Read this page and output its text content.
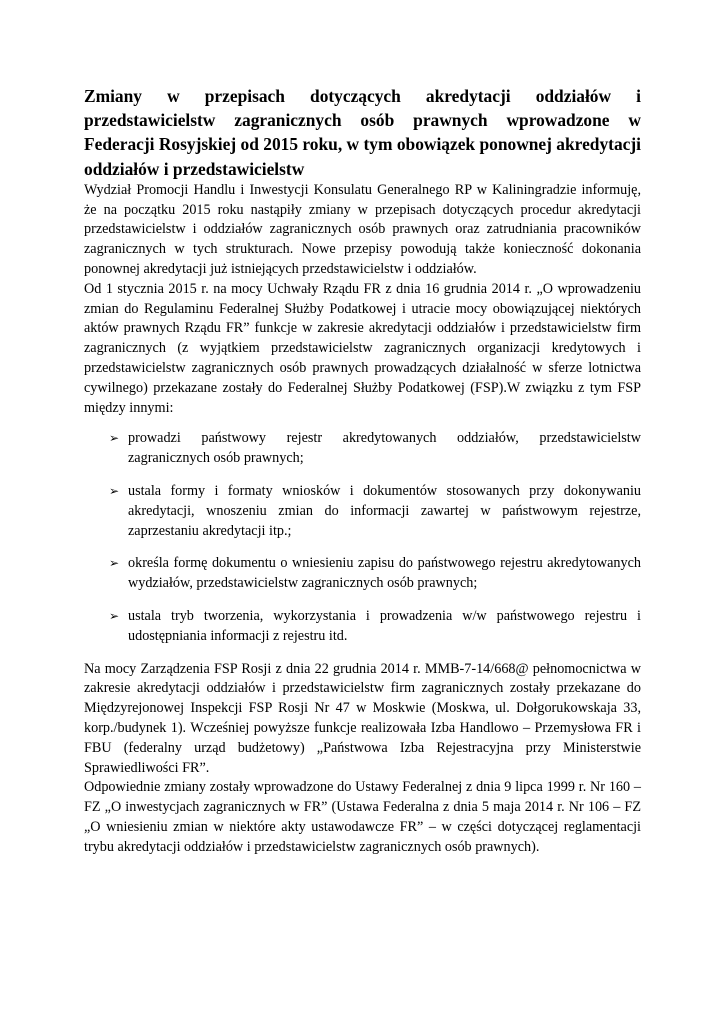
Zmiany w przepisach dotyczących akredytacji oddziałów i przedstawicielstw zagranicznych osób prawnych wprowadzone w Federacji Rosyjskiej od 2015 roku, w tym obowiązek ponownej akredytacji oddziałów i przedstawicielstw

Wydział Promocji Handlu i Inwestycji Konsulatu Generalnego RP w Kaliningradzie informuję, że na początku 2015 roku nastąpiły zmiany w przepisach dotyczących procedur akredytacji przedstawicielstw i oddziałów zagranicznych osób prawnych oraz zatrudniania pracowników zagranicznych w tych strukturach. Nowe przepisy powodują także konieczność dokonania ponownej akredytacji już istniejących przedstawicielstw i oddziałów.

Od 1 stycznia 2015 r. na mocy Uchwały Rządu FR z dnia 16 grudnia 2014 r. „O wprowadzeniu zmian do Regulaminu Federalnej Służby Podatkowej i utracie mocy obowiązującej niektórych aktów prawnych Rządu FR” funkcje w zakresie akredytacji oddziałów i przedstawicielstw firm zagranicznych (z wyjątkiem przedstawicielstw zagranicznych organizacji kredytowych i przedstawicielstw zagranicznych osób prawnych prowadzących działalność w sferze lotnictwa cywilnego) przekazane zostały do Federalnej Służby Podatkowej (FSP).W związku z tym FSP między innymi:

➢ prowadzi państwowy rejestr akredytowanych oddziałów, przedstawicielstw zagranicznych osób prawnych;
➢ ustala formy i formaty wniosków i dokumentów stosowanych przy dokonywaniu akredytacji, wnoszeniu zmian do informacji zawartej w państwowym rejestrze, zaprzestaniu akredytacji itp.;
➢ określa formę dokumentu o wniesieniu zapisu do państwowego rejestru akredytowanych wydziałów, przedstawicielstw zagranicznych osób prawnych;
➢ ustala tryb tworzenia, wykorzystania i prowadzenia w/w państwowego rejestru i udostępniania informacji z rejestru itd.

Na mocy Zarządzenia FSP Rosji z dnia 22 grudnia 2014 r. MMB-7-14/668@ pełnomocnictwa w zakresie akredytacji oddziałów i przedstawicielstw firm zagranicznych zostały przekazane do Międzyrejonowej Inspekcji FSP Rosji Nr 47 w Moskwie (Moskwa, ul. Dołgorukowskaja 33, korp./budynek 1). Wcześniej powyższe funkcje realizowała Izba Handlowo – Przemysłowa FR i FBU (federalny urząd budżetowy) „Państwowa Izba Rejestracyjna przy Ministerstwie Sprawiedliwości FR”.

Odpowiednie zmiany zostały wprowadzone do Ustawy Federalnej z dnia 9 lipca 1999 r. Nr 160 – FZ „O inwestycjach zagranicznych w FR” (Ustawa Federalna z dnia 5 maja 2014 r. Nr 106 – FZ „O wniesieniu zmian w niektóre akty ustawodawcze FR” – w części dotyczącej reglamentacji trybu akredytacji oddziałów i przedstawicielstw zagranicznych osób prawnych).
